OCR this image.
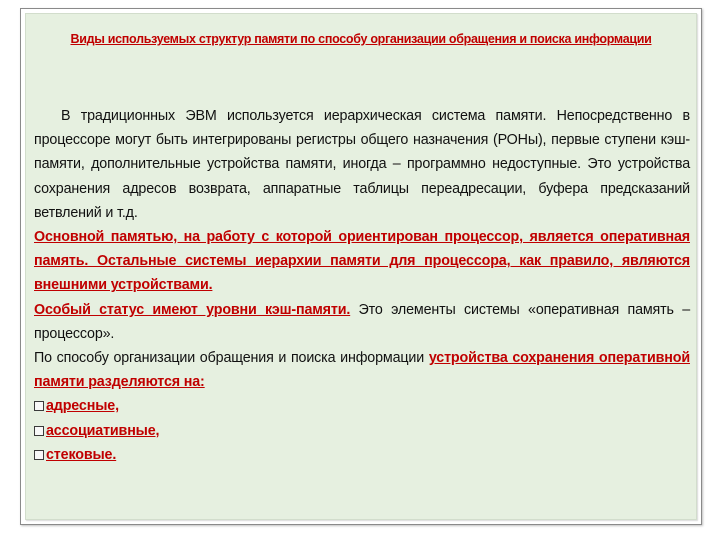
Виды используемых структур памяти по способу организации обращения и поиска информации

В традиционных ЭВМ используется иерархическая система памяти. Непосредственно в процессоре могут быть интегрированы регистры общего назначения (РОНы), первые ступени кэш-памяти, дополнительные устройства памяти, иногда – программно недоступные. Это устройства сохранения адресов возврата, аппаратные таблицы переадресации, буфера предсказаний ветвлений и т.д.

Основной памятью, на работу с которой ориентирован процессор, является оперативная память. Остальные системы иерархии памяти для процессора, как правило, являются внешними устройствами.

Особый статус имеют уровни кэш-памяти. Это элементы системы «оперативная память – процессор».

По способу организации обращения и поиска информации устройства сохранения оперативной памяти разделяются на:

адресные,
ассоциативные,
стековые.
